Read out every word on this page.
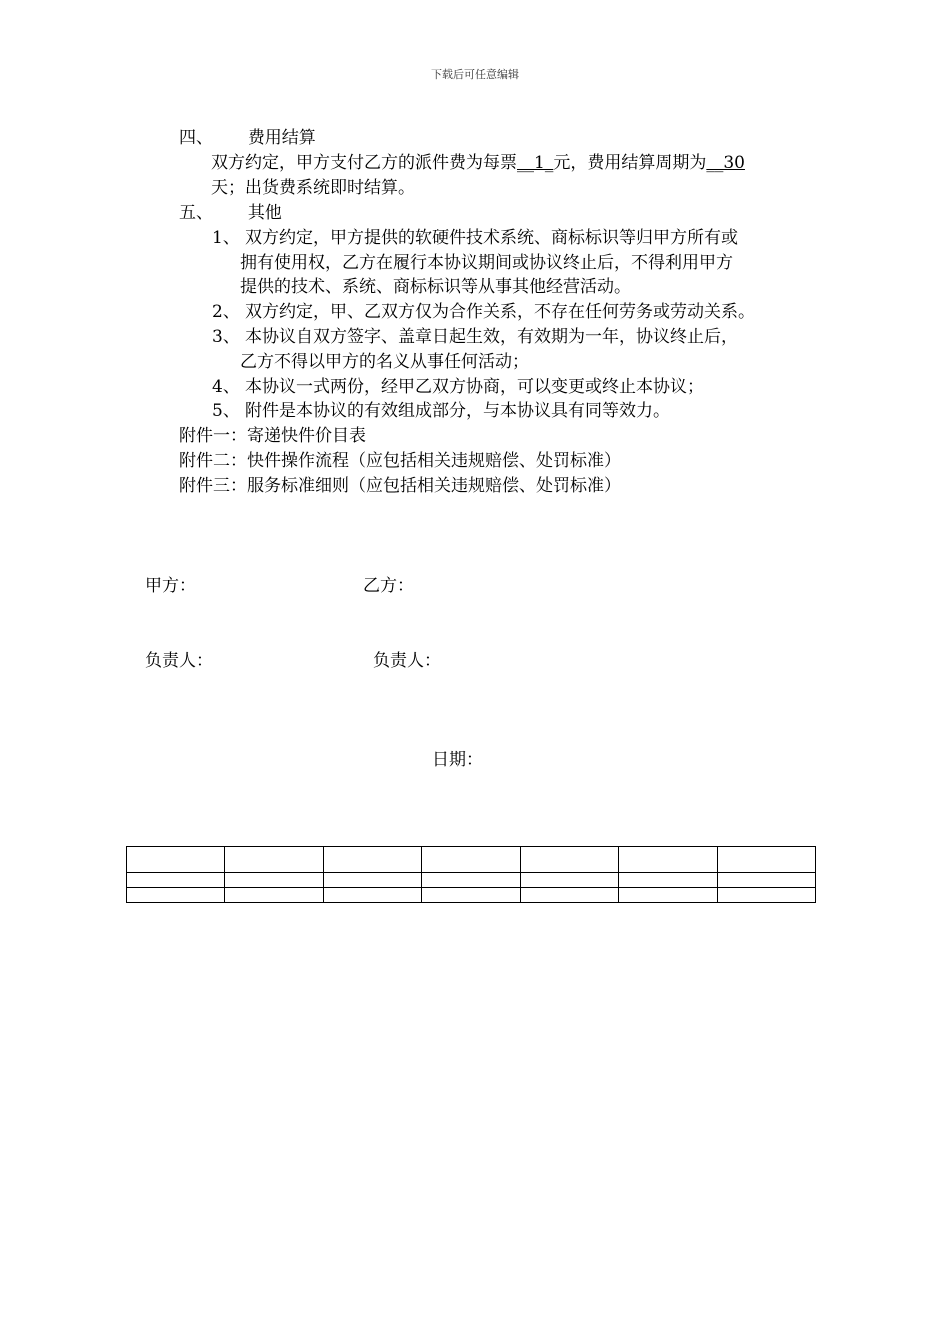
下载后可任意编辑
四、 费用结算
双方约定，甲方支付乙方的派件费为每票__1_元，费用结算周期为__30
天；出货费系统即时结算。
五、 其他
1、 双方约定，甲方提供的软硬件技术系统、商标标识等归甲方所有或
拥有使用权，乙方在履行本协议期间或协议终止后，不得利用甲方
提供的技术、系统、商标标识等从事其他经营活动。
2、 双方约定，甲、乙双方仅为合作关系，不存在任何劳务或劳动关系。
3、 本协议自双方签字、盖章日起生效，有效期为一年，协议终止后，
乙方不得以甲方的名义从事任何活动；
4、 本协议一式两份，经甲乙双方协商，可以变更或终止本协议；
5、 附件是本协议的有效组成部分，与本协议具有同等效力。
附件一：寄递快件价目表
附件二：快件操作流程（应包括相关违规赔偿、处罚标准）
附件三：服务标准细则（应包括相关违规赔偿、处罚标准）
甲方：	乙方：
负责人：	负责人：
日期：
